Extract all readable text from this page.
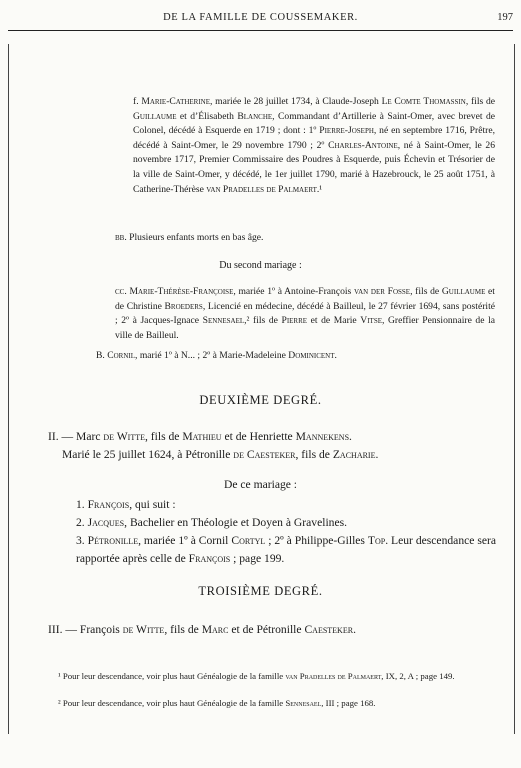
DE LA FAMILLE DE COUSSEMAKER.	197

f. Marie-Catherine, mariée le 28 juillet 1734, à Claude-Joseph Le Comte Thomassin, fils de Guillaume et d’Élisabeth Blanche, Commandant d’Artillerie à Saint-Omer, avec brevet de Colonel, décédé à Esquerde en 1719 ; dont : 1º Pierre-Joseph, né en septembre 1716, Prêtre, décédé à Saint-Omer, le 29 novembre 1790 ; 2º Charles-Antoine, né à Saint-Omer, le 26 novembre 1717, Premier Commissaire des Poudres à Esquerde, puis Échevin et Trésorier de la ville de Saint-Omer, y décédé, le 1er juillet 1790, marié à Hazebrouck, le 25 août 1751, à Catherine-Thérèse van Pradelles de Palmaert.¹

bb. Plusieurs enfants morts en bas âge.

Du second mariage :

cc. Marie-Thérèse-Françoise, mariée 1º à Antoine-François van der Fosse, fils de Guillaume et de Christine Broeders, Licencié en médecine, décédé à Bailleul, le 27 février 1694, sans postérité ; 2º à Jacques-Ignace Sennesael,² fils de Pierre et de Marie Vitse, Greffier Pensionnaire de la ville de Bailleul.

B. Cornil, marié 1º à N... ; 2º à Marie-Madeleine Dominicent.

DEUXIÈME DEGRÉ.

II. — Marc de Witte, fils de Mathieu et de Henriette Mannekens.
Marié le 25 juillet 1624, à Pétronille de Caesteker, fils de Zacharie.

De ce mariage :

1. François, qui suit :

2. Jacques, Bachelier en Théologie et Doyen à Gravelines.

3. Pétronille, mariée 1º à Cornil Cortyl ; 2º à Philippe-Gilles Top. Leur descendance sera rapportée après celle de François ; page 199.

TROISIÈME DEGRÉ.

III. — François de Witte, fils de Marc et de Pétronille Caesteker.

¹ Pour leur descendance, voir plus haut Généalogie de la famille van Pradelles de Palmaert, IX, 2, A ; page 149.

² Pour leur descendance, voir plus haut Généalogie de la famille Sennesael, III ; page 168.
